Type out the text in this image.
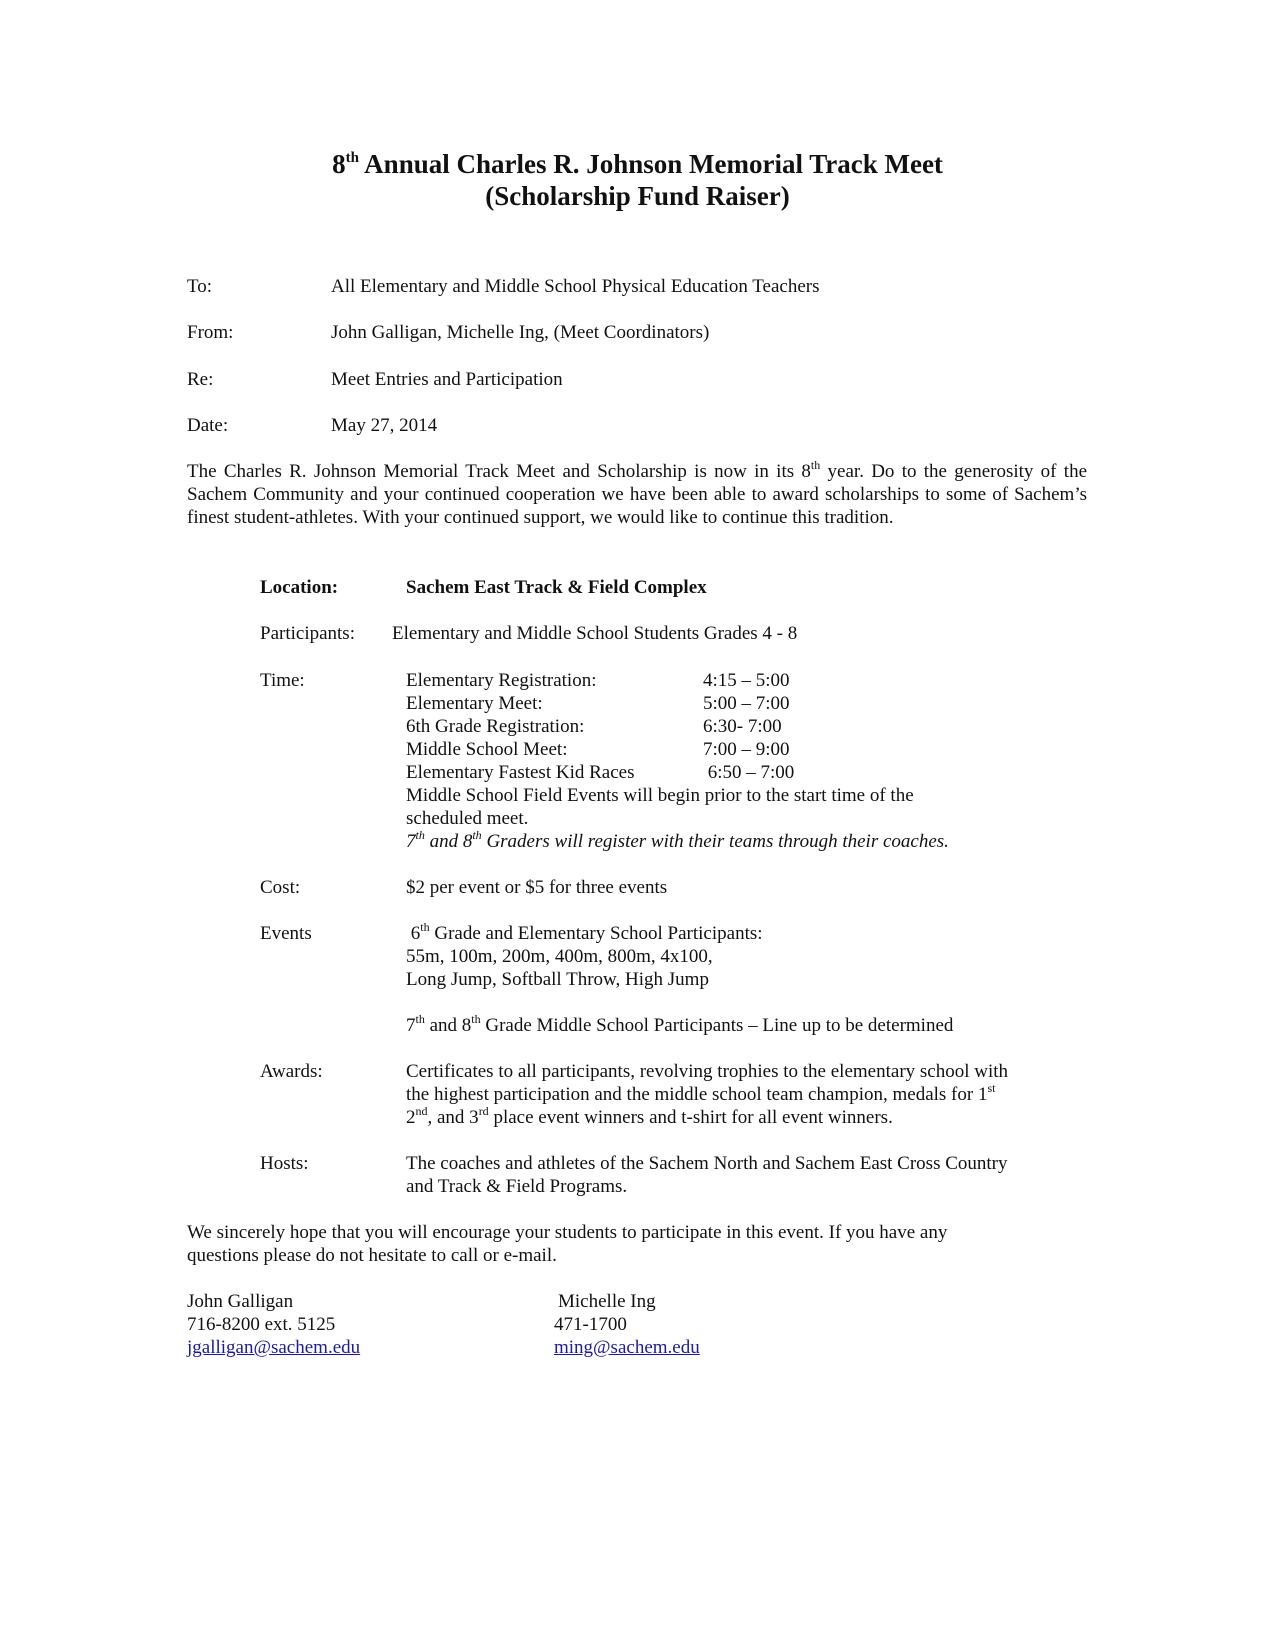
8th Annual Charles R. Johnson Memorial Track Meet
(Scholarship Fund Raiser)
To:	All Elementary and Middle School Physical Education Teachers
From:	John Galligan, Michelle Ing, (Meet Coordinators)
Re:	Meet Entries and Participation
Date:	May 27, 2014
The Charles R. Johnson Memorial Track Meet and Scholarship is now in its 8th year. Do to the generosity of the Sachem Community and your continued cooperation we have been able to award scholarships to some of Sachem’s finest student-athletes. With your continued support, we would like to continue this tradition.
Location:	Sachem East Track & Field Complex
Participants: Elementary and Middle School Students Grades 4 - 8
Time:	Elementary Registration:	4:15 – 5:00
Elementary Meet:	5:00 – 7:00
6th Grade Registration:	6:30- 7:00
Middle School Meet:	7:00 – 9:00
Elementary Fastest Kid Races	6:50 – 7:00
Middle School Field Events will begin prior to the start time of the
scheduled meet.
7th and 8th Graders will register with their teams through their coaches.
Cost:	$2 per event or $5 for three events
Events	6th Grade and Elementary School Participants:
55m, 100m, 200m, 400m, 800m, 4x100,
Long Jump, Softball Throw, High Jump
7th and 8th Grade Middle School Participants – Line up to be determined
Awards:	Certificates to all participants, revolving trophies to the elementary school with
the highest participation and the middle school team champion, medals for 1st
2nd, and 3rd place event winners and t-shirt for all event winners.
Hosts:	The coaches and athletes of the Sachem North and Sachem East Cross Country
and Track & Field Programs.
We sincerely hope that you will encourage your students to participate in this event. If you have any
questions please do not hesitate to call or e-mail.
John Galligan
716-8200 ext. 5125
jgalligan@sachem.edu
Michelle Ing
471-1700
ming@sachem.edu
